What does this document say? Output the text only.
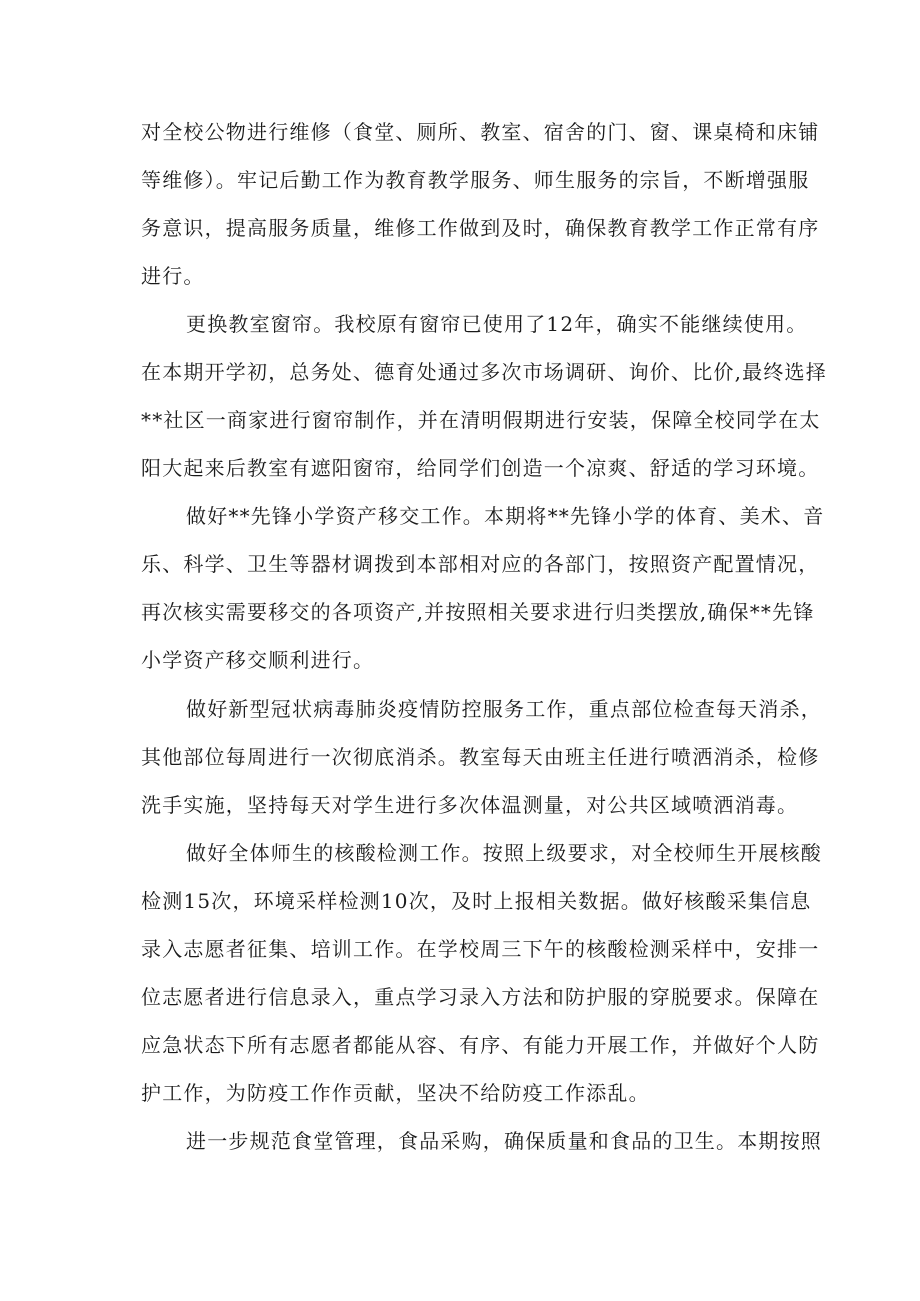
对全校公物进行维修（食堂、厕所、教室、宿舍的门、窗、课桌椅和床铺
等维修）。牢记后勤工作为教育教学服务、师生服务的宗旨，不断增强服
务意识，提高服务质量，维修工作做到及时，确保教育教学工作正常有序
进行。
更换教室窗帘。我校原有窗帘已使用了12年，确实不能继续使用。
在本期开学初，总务处、德育处通过多次市场调研、询价、比价,最终选择
**社区一商家进行窗帘制作，并在清明假期进行安装，保障全校同学在太
阳大起来后教室有遮阳窗帘，给同学们创造一个凉爽、舒适的学习环境。
做好**先锋小学资产移交工作。本期将**先锋小学的体育、美术、音
乐、科学、卫生等器材调拨到本部相对应的各部门，按照资产配置情况，
再次核实需要移交的各项资产,并按照相关要求进行归类摆放,确保**先锋
小学资产移交顺利进行。
做好新型冠状病毒肺炎疫情防控服务工作，重点部位检查每天消杀，
其他部位每周进行一次彻底消杀。教室每天由班主任进行喷洒消杀，检修
洗手实施，坚持每天对学生进行多次体温测量，对公共区域喷洒消毒。
做好全体师生的核酸检测工作。按照上级要求，对全校师生开展核酸
检测15次，环境采样检测10次，及时上报相关数据。做好核酸采集信息
录入志愿者征集、培训工作。在学校周三下午的核酸检测采样中，安排一
位志愿者进行信息录入，重点学习录入方法和防护服的穿脱要求。保障在
应急状态下所有志愿者都能从容、有序、有能力开展工作，并做好个人防
护工作，为防疫工作作贡献，坚决不给防疫工作添乱。
进一步规范食堂管理，食品采购，确保质量和食品的卫生。本期按照
